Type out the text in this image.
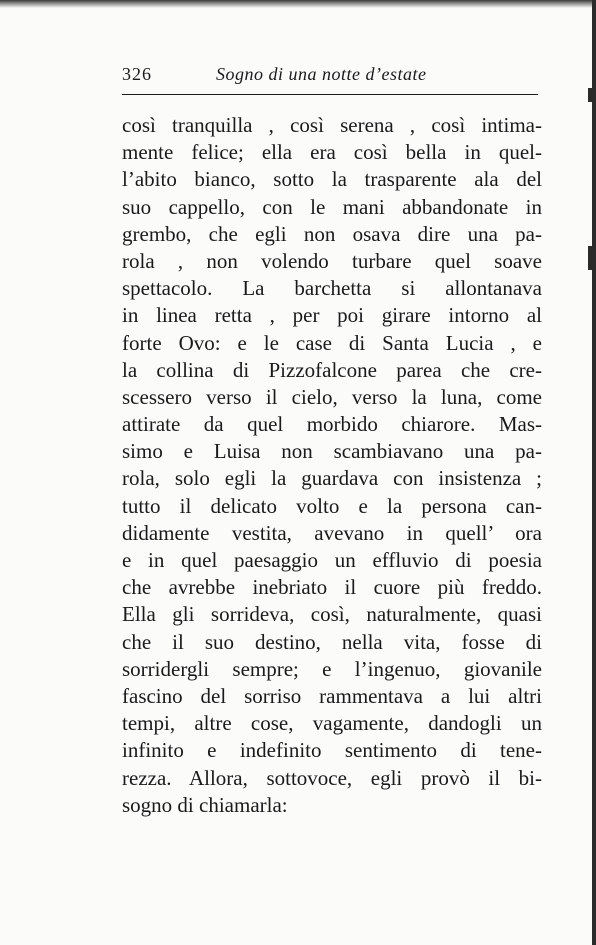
326	Sogno di una notte d’estate
così tranquilla , così serena , così intima-
mente felice; ella era così bella in quel-
l’abito bianco, sotto la trasparente ala del
suo cappello, con le mani abbandonate in
grembo, che egli non osava dire una pa-
rola , non volendo turbare quel soave
spettacolo. La barchetta si allontanava
in linea retta , per poi girare intorno al
forte Ovo: e le case di Santa Lucia , e
la collina di Pizzofalcone parea che cre-
scessero verso il cielo, verso la luna, come
attirate da quel morbido chiarore. Mas-
simo e Luisa non scambiavano una pa-
rola, solo egli la guardava con insistenza ;
tutto il delicato volto e la persona can-
didamente vestita, avevano in quell’ ora
e in quel paesaggio un effluvio di poesia
che avrebbe inebriato il cuore più freddo.
Ella gli sorrideva, così, naturalmente, quasi
che il suo destino, nella vita, fosse di
sorridergli sempre; e l’ingenuo, giovanile
fascino del sorriso rammentava a lui altri
tempi, altre cose, vagamente, dandogli un
infinito e indefinito sentimento di tene-
rezza. Allora, sottovoce, egli provò il bi-
sogno di chiamarla:
